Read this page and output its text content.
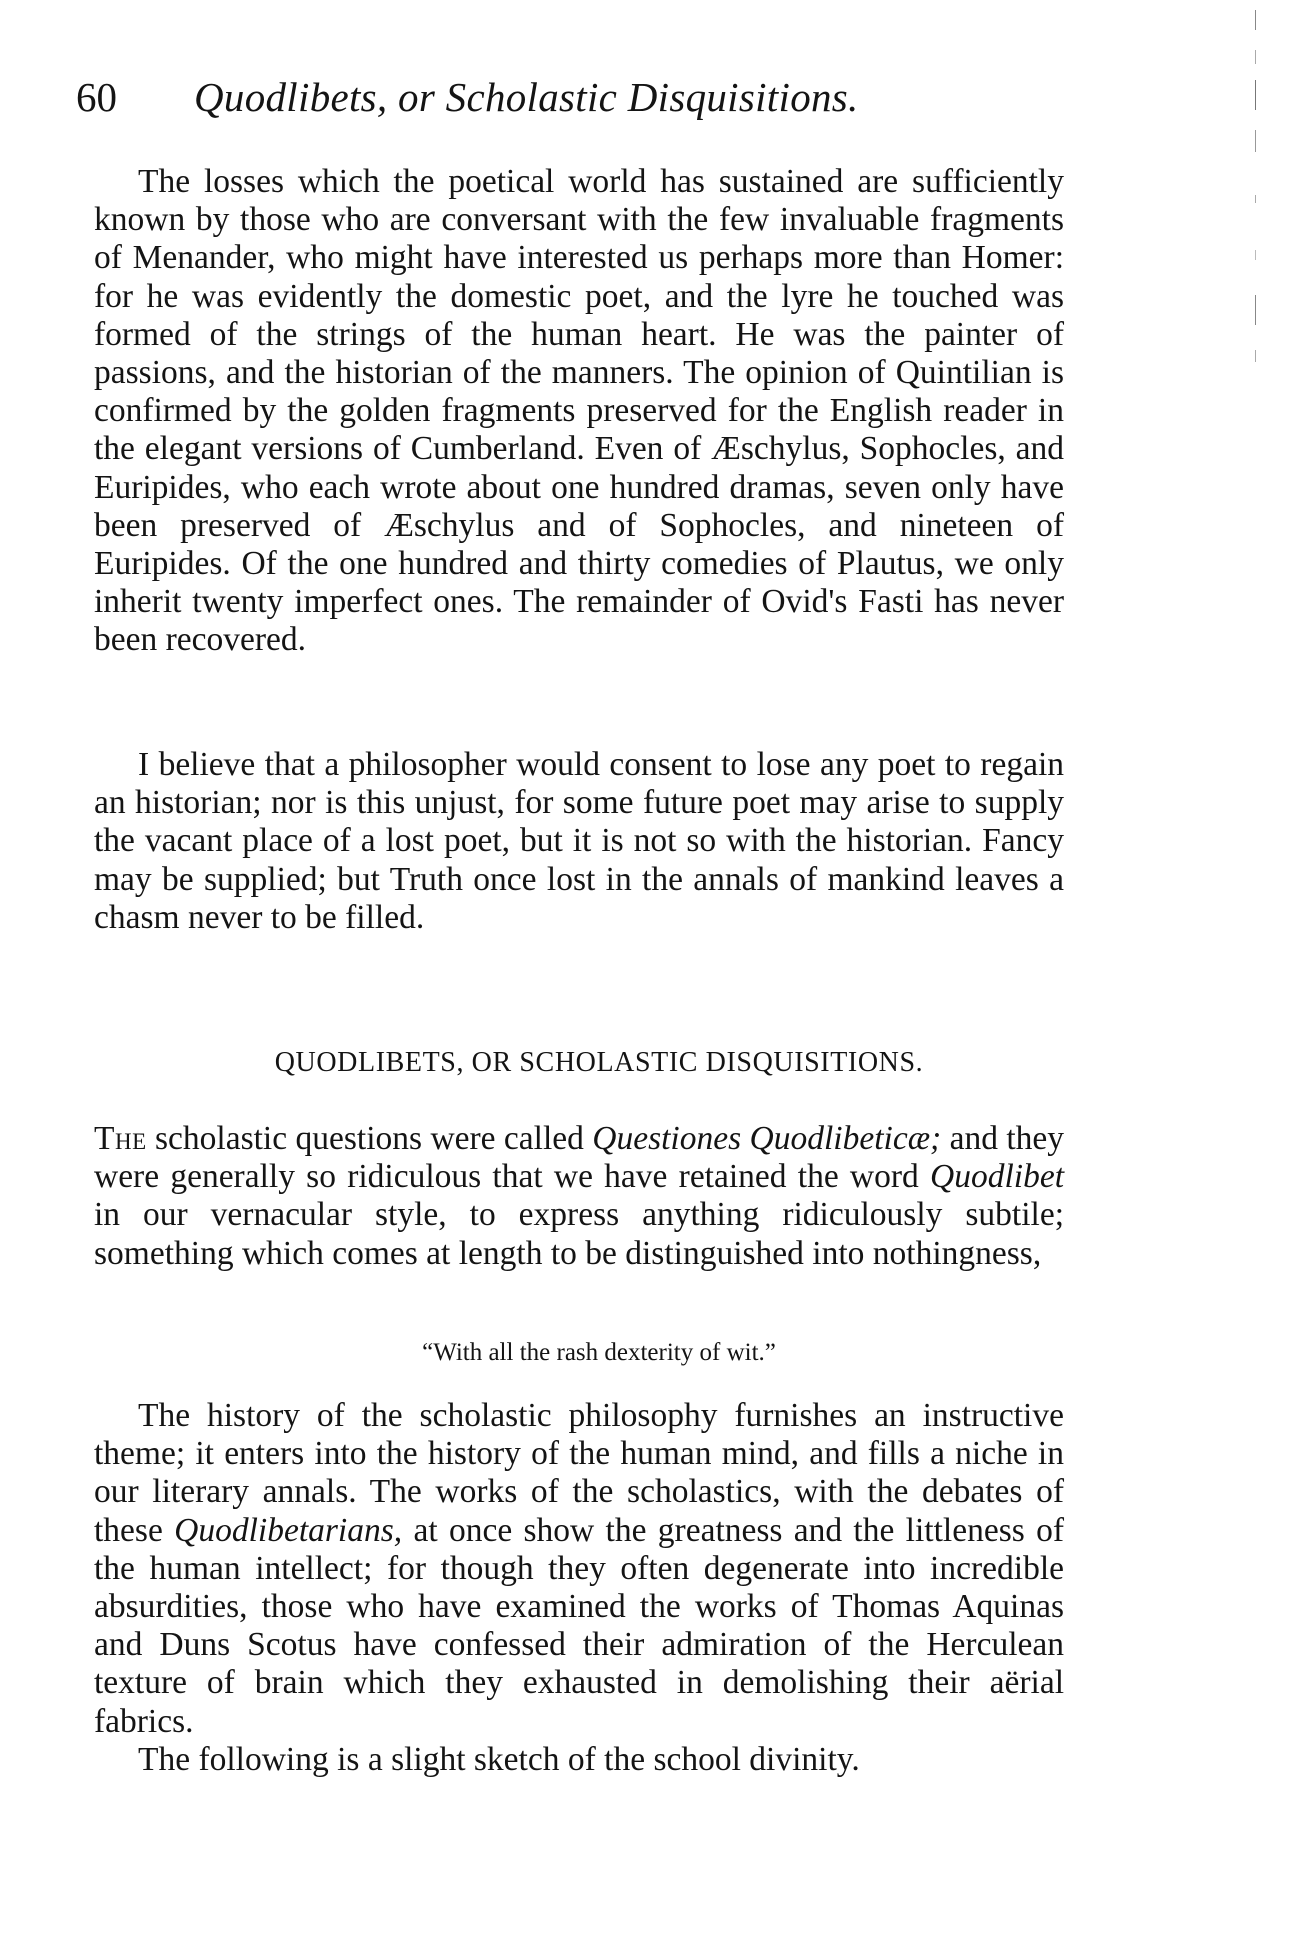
60 Quodlibets, or Scholastic Disquisitions.

The losses which the poetical world has sustained are sufficiently known by those who are conversant with the few invaluable fragments of Menander, who might have interested us perhaps more than Homer: for he was evidently the domestic poet, and the lyre he touched was formed of the strings of the human heart. He was the painter of passions, and the historian of the manners. The opinion of Quintilian is confirmed by the golden fragments preserved for the English reader in the elegant versions of Cumberland. Even of Æschylus, Sophocles, and Euripides, who each wrote about one hundred dramas, seven only have been preserved of Æschylus and of Sophocles, and nineteen of Euripides. Of the one hundred and thirty comedies of Plautus, we only inherit twenty imperfect ones. The remainder of Ovid's Fasti has never been recovered.

I believe that a philosopher would consent to lose any poet to regain an historian; nor is this unjust, for some future poet may arise to supply the vacant place of a lost poet, but it is not so with the historian. Fancy may be supplied; but Truth once lost in the annals of mankind leaves a chasm never to be filled.

QUODLIBETS, OR SCHOLASTIC DISQUISITIONS.

The scholastic questions were called Questiones Quodlibeticæ; and they were generally so ridiculous that we have retained the word Quodlibet in our vernacular style, to express anything ridiculously subtile; something which comes at length to be distinguished into nothingness,

“With all the rash dexterity of wit.”

The history of the scholastic philosophy furnishes an instructive theme; it enters into the history of the human mind, and fills a niche in our literary annals. The works of the scholastics, with the debates of these Quodlibetarians, at once show the greatness and the littleness of the human intellect; for though they often degenerate into incredible absurdities, those who have examined the works of Thomas Aquinas and Duns Scotus have confessed their admiration of the Herculean texture of brain which they exhausted in demolishing their aërial fabrics.

The following is a slight sketch of the school divinity.
